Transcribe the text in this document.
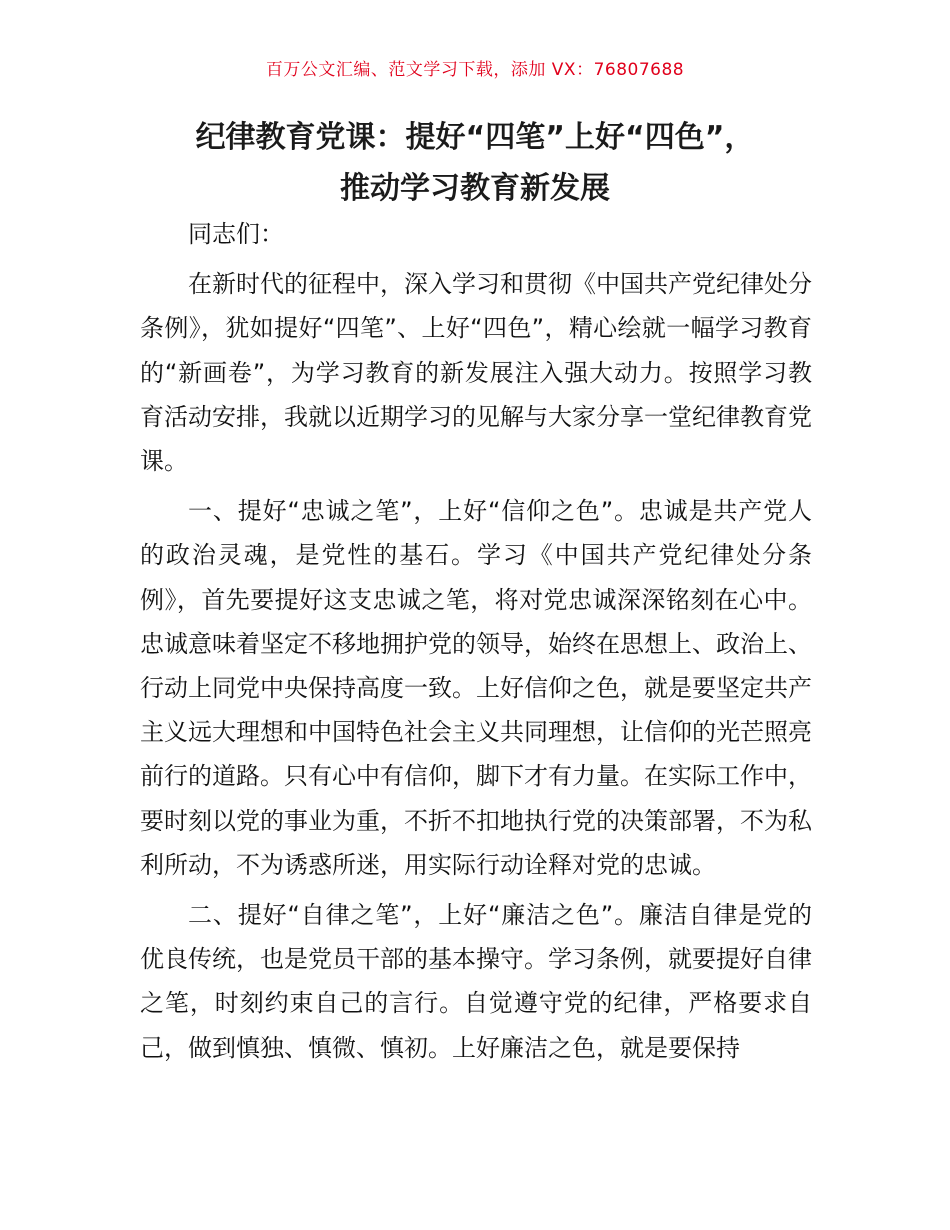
百万公文汇编、范文学习下载，添加 VX：76807688
纪律教育党课：提好“四笔”上好“四色”，
推动学习教育新发展

同志们：

在新时代的征程中，深入学习和贯彻《中国共产党纪律处分条例》，犹如提好“四笔”、上好“四色”，精心绘就一幅学习教育的“新画卷”，为学习教育的新发展注入强大动力。按照学习教育活动安排，我就以近期学习的见解与大家分享一堂纪律教育党课。

一、提好“忠诚之笔”，上好“信仰之色”。忠诚是共产党人的政治灵魂，是党性的基石。学习《中国共产党纪律处分条例》，首先要提好这支忠诚之笔，将对党忠诚深深铭刻在心中。忠诚意味着坚定不移地拥护党的领导，始终在思想上、政治上、行动上同党中央保持高度一致。上好信仰之色，就是要坚定共产主义远大理想和中国特色社会主义共同理想，让信仰的光芒照亮前行的道路。只有心中有信仰，脚下才有力量。在实际工作中，要时刻以党的事业为重，不折不扣地执行党的决策部署，不为私利所动，不为诱惑所迷，用实际行动诠释对党的忠诚。

二、提好“自律之笔”，上好“廉洁之色”。廉洁自律是党的优良传统，也是党员干部的基本操守。学习条例，就要提好自律之笔，时刻约束自己的言行。自觉遵守党的纪律，严格要求自己，做到慎独、慎微、慎初。上好廉洁之色，就是要保持
